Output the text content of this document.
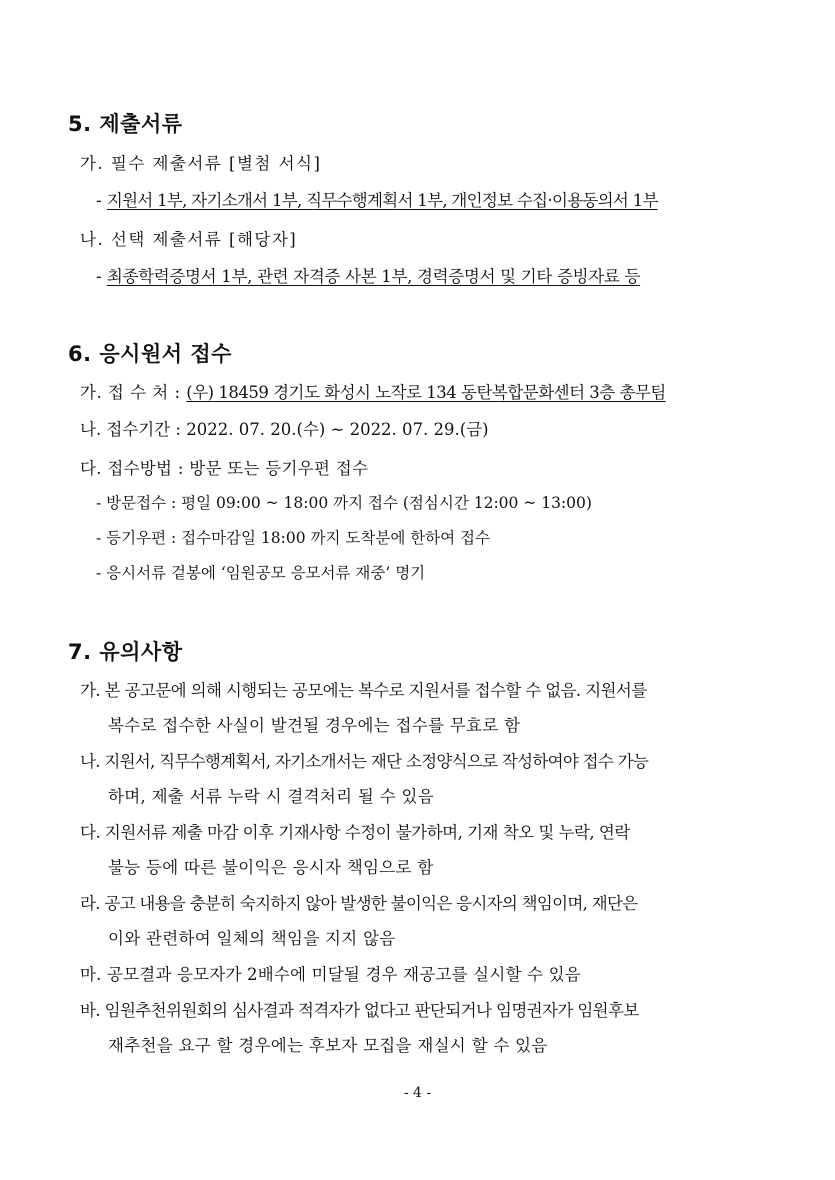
5. 제출서류
가. 필수 제출서류 [별첨 서식]
- 지원서 1부, 자기소개서 1부, 직무수행계획서 1부, 개인정보 수집·이용동의서 1부
나. 선택 제출서류 [해당자]
- 최종학력증명서 1부, 관련 자격증 사본 1부, 경력증명서 및 기타 증빙자료 등
6. 응시원서 접수
가. 접 수 처 : (우) 18459 경기도 화성시 노작로 134 동탄복합문화센터 3층 총무팀
나. 접수기간 : 2022. 07. 20.(수) ~ 2022. 07. 29.(금)
다. 접수방법 : 방문 또는 등기우편 접수
- 방문접수 : 평일 09:00 ~ 18:00 까지 접수 (점심시간 12:00 ~ 13:00)
- 등기우편 : 접수마감일 18:00 까지 도착분에 한하여 접수
- 응시서류 겉봉에 ‘임원공모 응모서류 재중’ 명기
7. 유의사항
가. 본 공고문에 의해 시행되는 공모에는 복수로 지원서를 접수할 수 없음. 지원서를
복수로 접수한 사실이 발견될 경우에는 접수를 무효로 함
나. 지원서, 직무수행계획서, 자기소개서는 재단 소정양식으로 작성하여야 접수 가능
하며, 제출 서류 누락 시 결격처리 될 수 있음
다. 지원서류 제출 마감 이후 기재사항 수정이 불가하며, 기재 착오 및 누락, 연락
불능 등에 따른 불이익은 응시자 책임으로 함
라. 공고 내용을 충분히 숙지하지 않아 발생한 불이익은 응시자의 책임이며, 재단은
이와 관련하여 일체의 책임을 지지 않음
마. 공모결과 응모자가 2배수에 미달될 경우 재공고를 실시할 수 있음
바. 임원추천위원회의 심사결과 적격자가 없다고 판단되거나 임명권자가 임원후보
재추천을 요구 할 경우에는 후보자 모집을 재실시 할 수 있음
- 4 -
